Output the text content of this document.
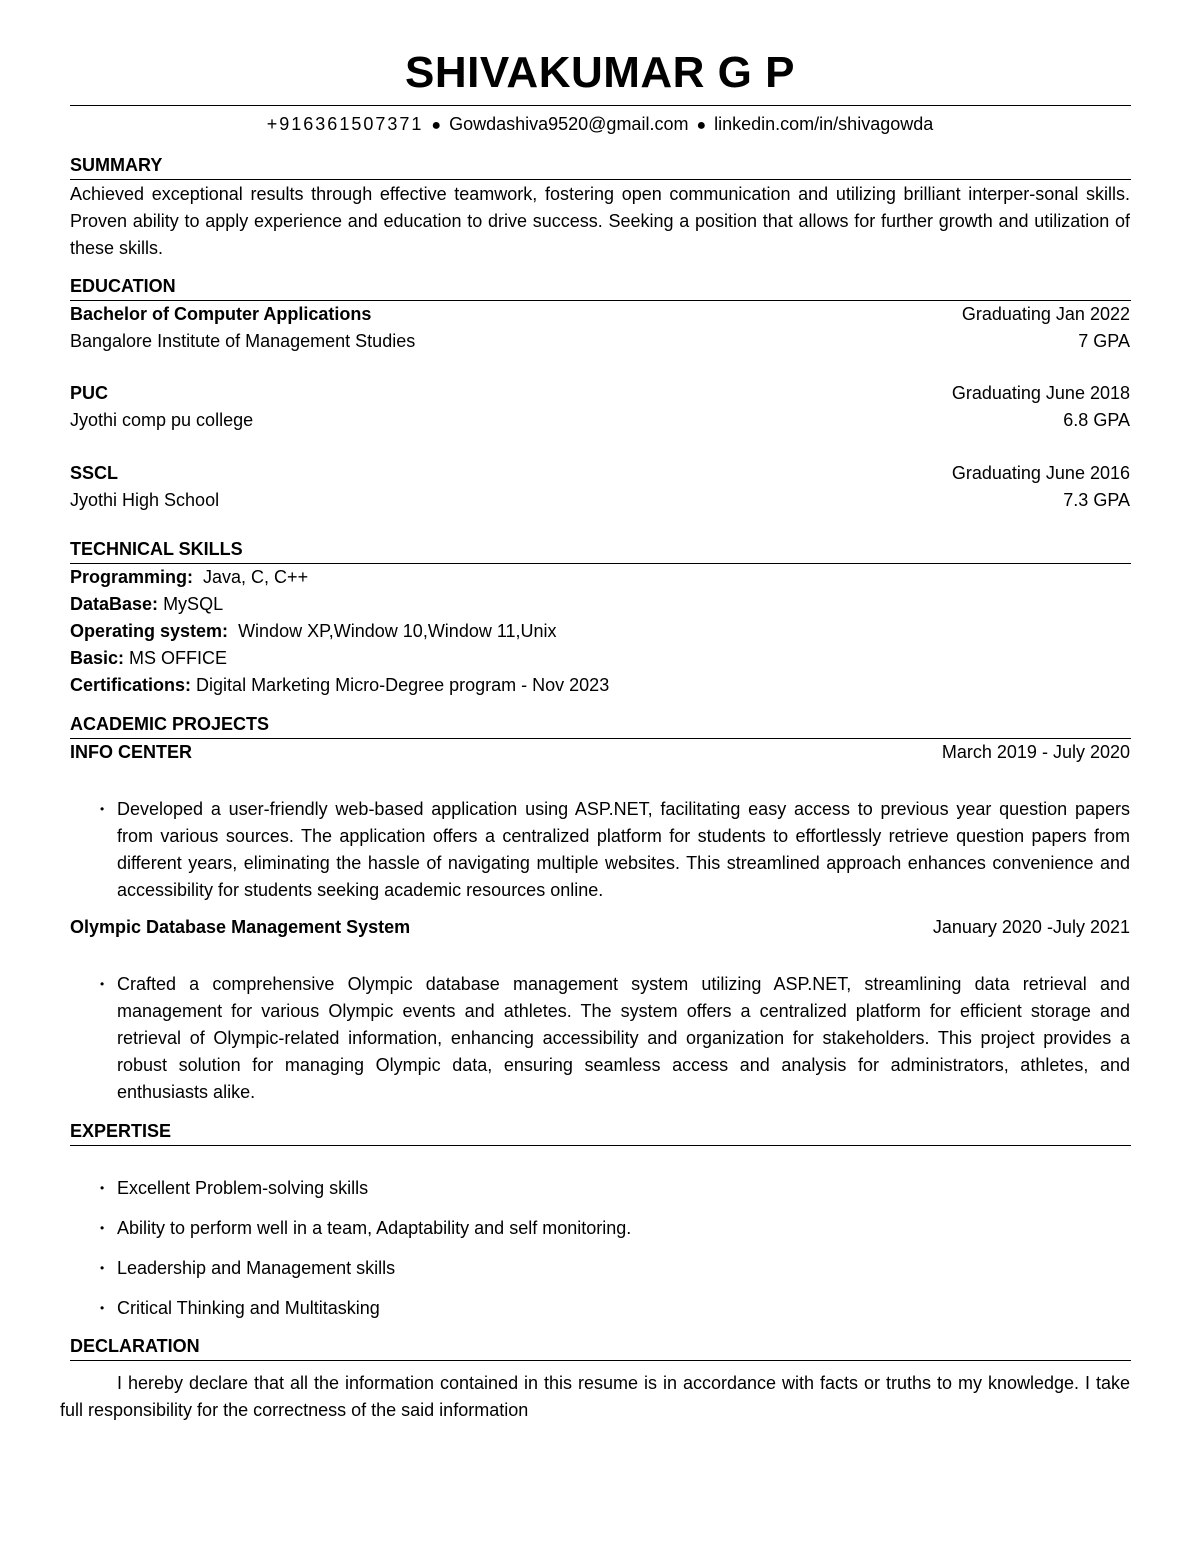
SHIVAKUMAR G P
+916361507371 ● Gowdashiva9520@gmail.com ● linkedin.com/in/shivagowda
SUMMARY
Achieved exceptional results through effective teamwork, fostering open communication and utilizing brilliant interper-sonal skills. Proven ability to apply experience and education to drive success. Seeking a position that allows for further growth and utilization of these skills.
EDUCATION
Bachelor of Computer Applications	Graduating Jan 2022
Bangalore Institute of Management Studies	7 GPA
PUC	Graduating June 2018
Jyothi comp pu college	6.8 GPA
SSCL	Graduating June 2016
Jyothi High School	7.3 GPA
TECHNICAL SKILLS
Programming: Java, C, C++
DataBase: MySQL
Operating system: Window XP,Window 10,Window 11,Unix
Basic: MS OFFICE
Certifications: Digital Marketing Micro-Degree program - Nov 2023
ACADEMIC PROJECTS
INFO CENTER	March 2019 - July 2020
• Developed a user-friendly web-based application using ASP.NET, facilitating easy access to previous year question papers from various sources. The application offers a centralized platform for students to effortlessly retrieve question papers from different years, eliminating the hassle of navigating multiple websites. This streamlined approach enhances convenience and accessibility for students seeking academic resources online.
Olympic Database Management System	January 2020 -July 2021
• Crafted a comprehensive Olympic database management system utilizing ASP.NET, streamlining data retrieval and management for various Olympic events and athletes. The system offers a centralized platform for efficient storage and retrieval of Olympic-related information, enhancing accessibility and organization for stakeholders. This project provides a robust solution for managing Olympic data, ensuring seamless access and analysis for administrators, athletes, and enthusiasts alike.
EXPERTISE
• Excellent Problem-solving skills
• Ability to perform well in a team, Adaptability and self monitoring.
• Leadership and Management skills
• Critical Thinking and Multitasking
DECLARATION
I hereby declare that all the information contained in this resume is in accordance with facts or truths to my knowledge. I take full responsibility for the correctness of the said information
